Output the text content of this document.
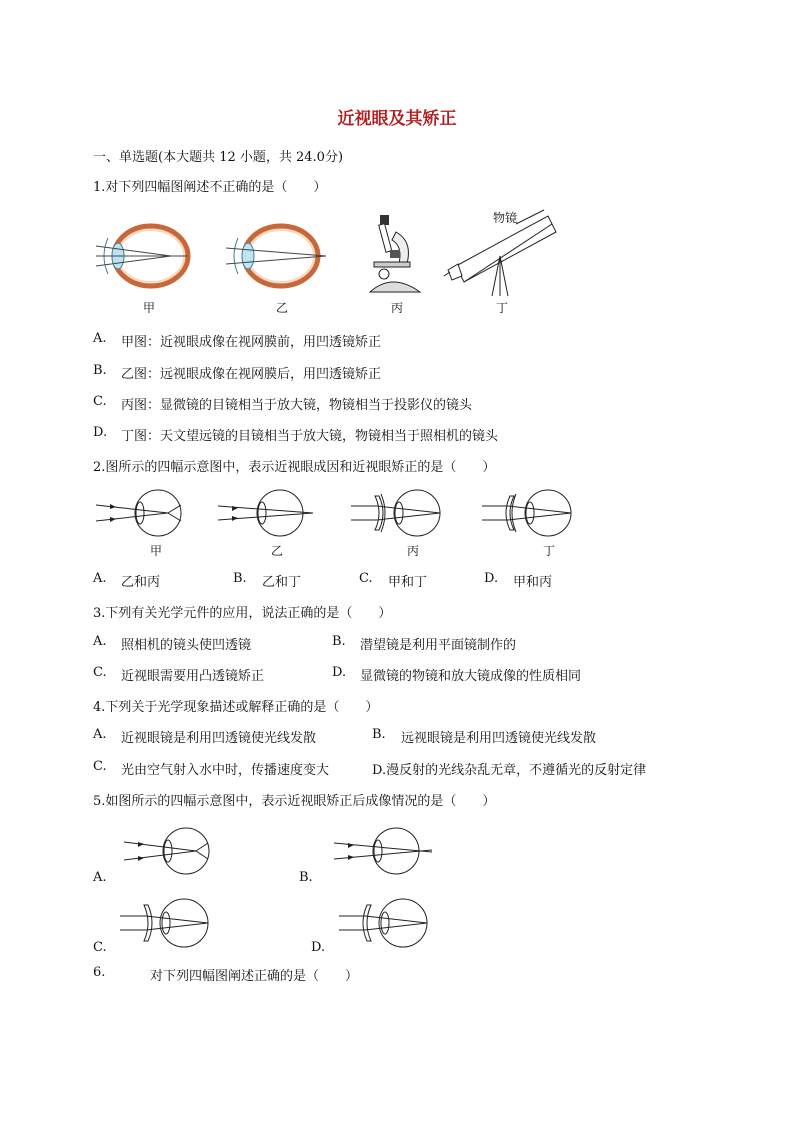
近视眼及其矫正
一、单选题(本大题共 12 小题，共 24.0分)
1.对下列四幅图阐述不正确的是（　　）
甲	乙	丙
物镜
丁
A. 甲图：近视眼成像在视网膜前，用凹透镜矫正
B. 乙图：远视眼成像在视网膜后，用凹透镜矫正
C. 丙图：显微镜的目镜相当于放大镜，物镜相当于投影仪的镜头
D. 丁图：天文望远镜的目镜相当于放大镜，物镜相当于照相机的镜头
2.图所示的四幅示意图中，表示近视眼成因和近视眼矫正的是（　　）
甲	乙	丙	丁
A. 乙和丙	B. 乙和丁	C. 甲和丁	D. 甲和丙
3.下列有关光学元件的应用，说法正确的是（　　）
A. 照相机的镜头使凹透镜	B. 潜望镜是利用平面镜制作的
C. 近视眼需要用凸透镜矫正	D. 显微镜的物镜和放大镜成像的性质相同
4.下列关于光学现象描述或解释正确的是（　　）
A. 近视眼镜是利用凹透镜使光线发散	B. 远视眼镜是利用凹透镜使光线发散
C. 光由空气射入水中时，传播速度变大	D.漫反射的光线杂乱无章，不遵循光的反射定律
5.如图所示的四幅示意图中，表示近视眼矫正后成像情况的是（　　）
A.	B.
C.	D.
6.	对下列四幅图阐述正确的是（　　）
